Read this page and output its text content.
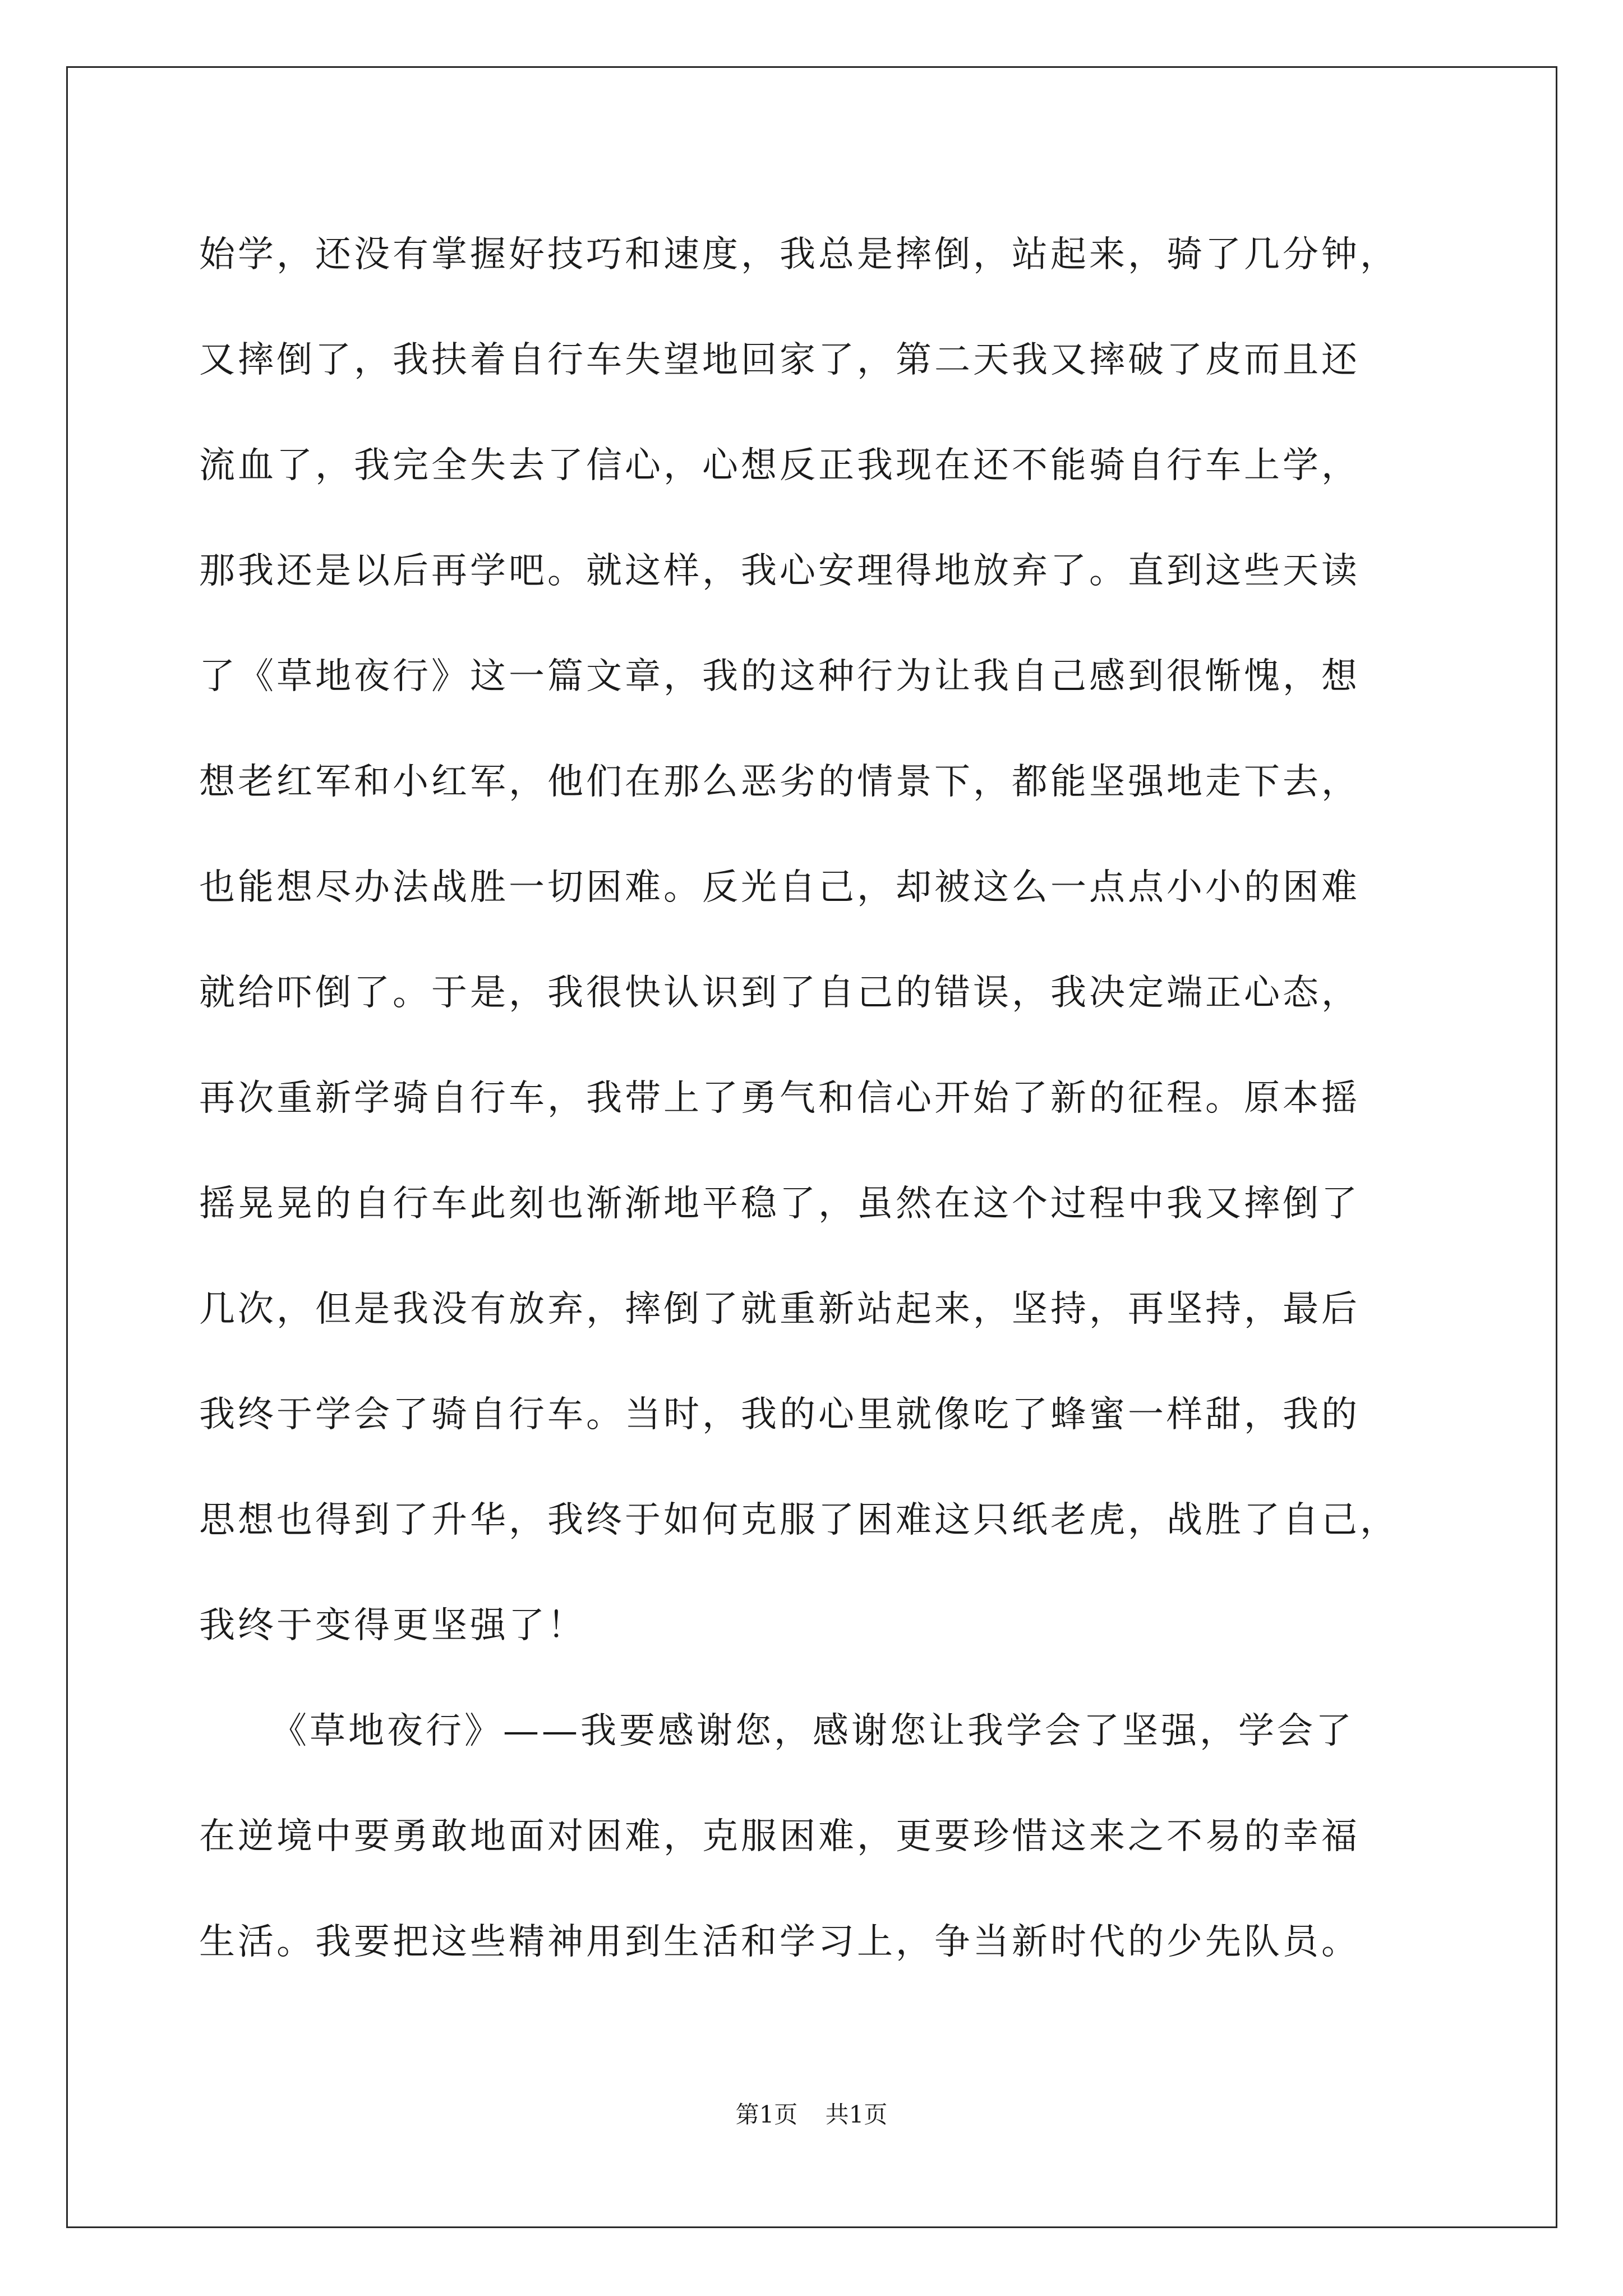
始学，还没有掌握好技巧和速度，我总是摔倒，站起来，骑了几分钟，
又摔倒了，我扶着自行车失望地回家了，第二天我又摔破了皮而且还
流血了，我完全失去了信心，心想反正我现在还不能骑自行车上学，
那我还是以后再学吧。就这样，我心安理得地放弃了。直到这些天读
了《草地夜行》这一篇文章，我的这种行为让我自己感到很惭愧，想
想老红军和小红军，他们在那么恶劣的情景下，都能坚强地走下去，
也能想尽办法战胜一切困难。反光自己，却被这么一点点小小的困难
就给吓倒了。于是，我很快认识到了自己的错误，我决定端正心态，
再次重新学骑自行车，我带上了勇气和信心开始了新的征程。原本摇
摇晃晃的自行车此刻也渐渐地平稳了，虽然在这个过程中我又摔倒了
几次，但是我没有放弃，摔倒了就重新站起来，坚持，再坚持，最后
我终于学会了骑自行车。当时，我的心里就像吃了蜂蜜一样甜，我的
思想也得到了升华，我终于如何克服了困难这只纸老虎，战胜了自己，
我终于变得更坚强了！
《草地夜行》——我要感谢您，感谢您让我学会了坚强，学会了
在逆境中要勇敢地面对困难，克服困难，更要珍惜这来之不易的幸福
生活。我要把这些精神用到生活和学习上，争当新时代的少先队员。
第1页 共1页
